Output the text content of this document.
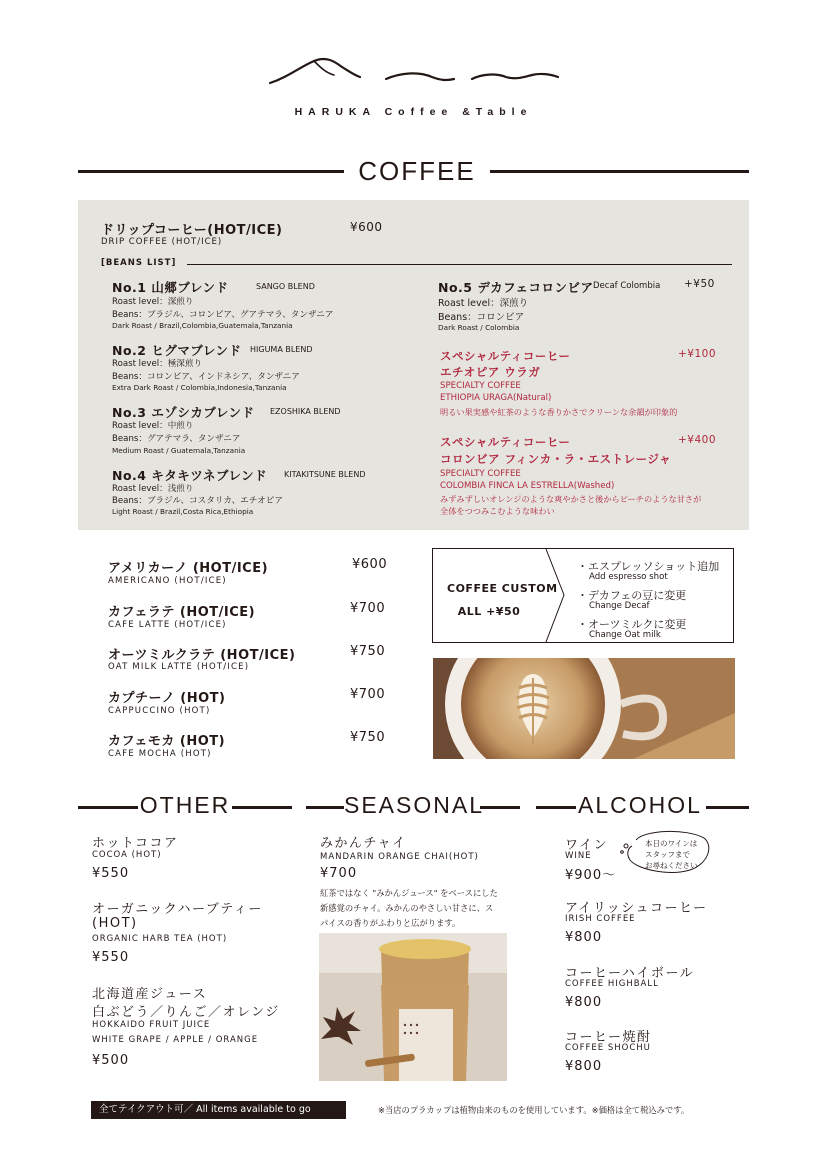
HARUKA Coffee &Table
COFFEE
ドリップコーヒー(HOT/ICE)
DRIP COFFEE (HOT/ICE)
¥600
[BEANS LIST]
No.1 山郷ブレンド	SANGO BLEND
Roast level：深煎り
Beans：ブラジル、コロンビア、グアテマラ、タンザニア
Dark Roast / Brazil,Colombia,Guatemala,Tanzania
No.2 ヒグマブレンド HIGUMA BLEND
Roast level：極深煎り
Beans：コロンビア、インドネシア、タンザニア
Extra Dark Roast / Colombia,Indonesia,Tanzania
No.3 エゾシカブレンド EZOSHIKA BLEND
Roast level：中煎り
Beans：グアテマラ、タンザニア
Medium Roast / Guatemala,Tanzania
No.4 キタキツネブレンド KITAKITSUNE BLEND
Roast level：浅煎り
Beans：ブラジル、コスタリカ、エチオピア
Light Roast / Brazil,Costa Rica,Ethiopia
No.5 デカフェコロンビア Decaf Colombia +¥50
Roast level：深煎り
Beans：コロンビア
Dark Roast / Colombia
スペシャルティコーヒー	+¥100
エチオピア ウラガ
SPECIALTY COFFEE
ETHIOPIA URAGA(Natural)
明るい果実感や紅茶のような香りかさでクリーンな余韻が印象的
スペシャルティコーヒー	+¥400
コロンビア フィンカ・ラ・エストレージャ
SPECIALTY COFFEE
COLOMBIA FINCA LA ESTRELLA(Washed)
みずみずしいオレンジのような爽やかさと後からピーチのような甘さが
全体をつつみこむような味わい
アメリカーノ (HOT/ICE)
AMERICANO (HOT/ICE)
¥600
カフェラテ (HOT/ICE)
CAFE LATTE (HOT/ICE)
¥700
オーツミルクラテ (HOT/ICE)
OAT MILK LATTE (HOT/ICE)
¥750
カプチーノ (HOT)
CAPPUCCINO (HOT)
¥700
カフェモカ (HOT)
CAFE MOCHA (HOT)
¥750
COFFEE CUSTOM
ALL +¥50
・エスプレッソショット追加
Add espresso shot
・デカフェの豆に変更
Change Decaf
・オーツミルクに変更
Change Oat milk
OTHER	SEASONAL	ALCOHOL
ホットココア
COCOA (HOT)
¥550
オーガニックハーブティー
(HOT)
ORGANIC HARB TEA (HOT)
¥550
北海道産ジュース
白ぶどう／りんご／オレンジ
HOKKAIDO FRUIT JUICE
WHITE GRAPE / APPLE / ORANGE
¥500
みかんチャイ
MANDARIN ORANGE CHAI(HOT)
¥700
紅茶ではなく "みかんジュース" をベースにした
新感覚のチャイ。みかんのやさしい甘さに、ス
パイスの香りがふわりと広がります。
ワイン
WINE
¥900～
本日のワインは
スタッフまで
お尋ねください
アイリッシュコーヒー
IRISH COFFEE
¥800
コーヒーハイボール
COFFEE HIGHBALL
¥800
コーヒー焼酎
COFFEE SHOCHU
¥800
全てテイクアウト可／ All items available to go	※当店のプラカップは植物由来のものを使用しています。※価格は全て税込みです。
